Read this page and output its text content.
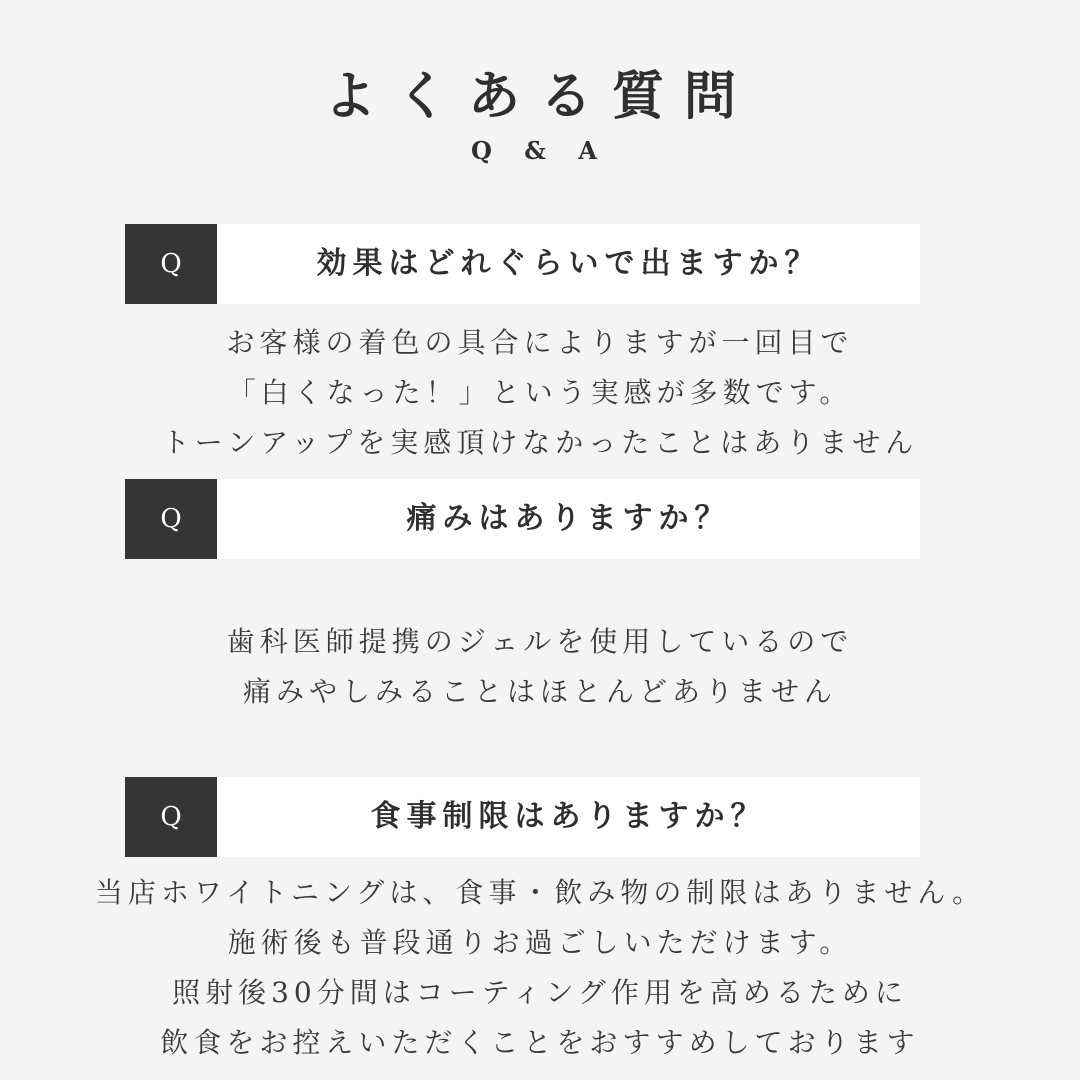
よくある質問
Q & A
Q	効果はどれぐらいで出ますか？
お客様の着色の具合によりますが一回目で
「白くなった！」という実感が多数です。
トーンアップを実感頂けなかったことはありません
Q	痛みはありますか？
歯科医師提携のジェルを使用しているので
痛みやしみることはほとんどありません
Q	食事制限はありますか？
当店ホワイトニングは、食事・飲み物の制限はありません。
施術後も普段通りお過ごしいただけます。
照射後30分間はコーティング作用を高めるために
飲食をお控えいただくことをおすすめしております
